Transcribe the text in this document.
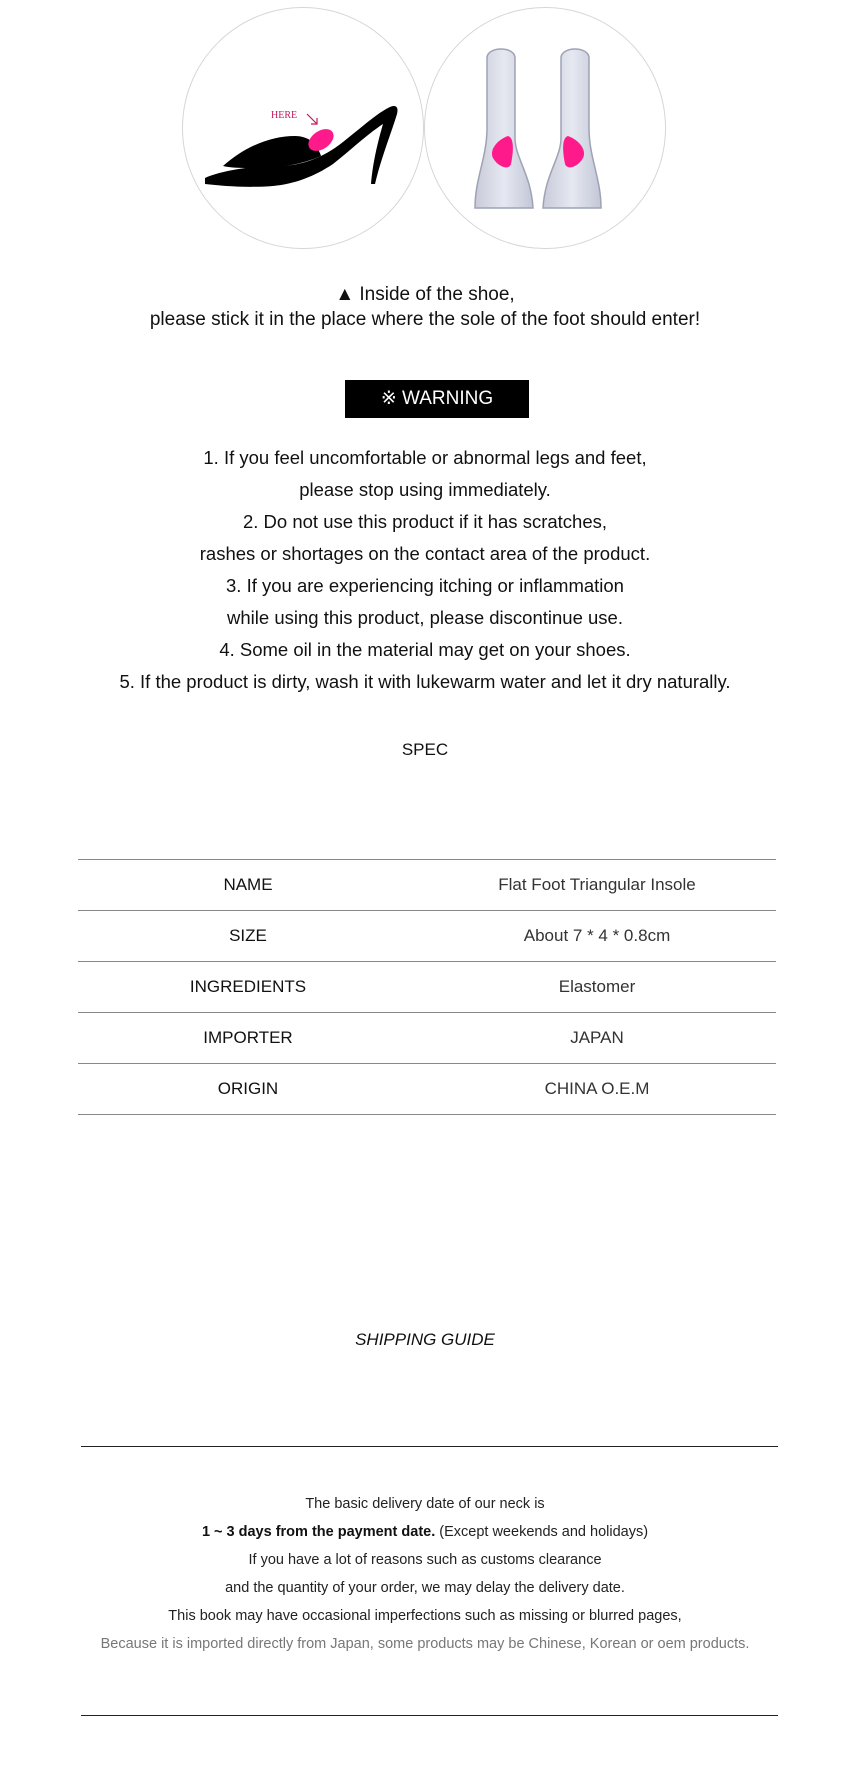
HERE
▲ Inside of the shoe,
please stick it in the place where the sole of the foot should enter!
※ WARNING
1. If you feel uncomfortable or abnormal legs and feet,
please stop using immediately.
2. Do not use this product if it has scratches,
rashes or shortages on the contact area of the product.
3. If you are experiencing itching or inflammation
while using this product, please discontinue use.
4. Some oil in the material may get on your shoes.
5. If the product is dirty, wash it with lukewarm water and let it dry naturally.
SPEC
NAME	Flat Foot Triangular Insole
SIZE	About 7 * 4 * 0.8cm
INGREDIENTS	Elastomer
IMPORTER	JAPAN
ORIGIN	CHINA O.E.M
SHIPPING GUIDE
The basic delivery date of our neck is
1 ~ 3 days from the payment date. (Except weekends and holidays)
If you have a lot of reasons such as customs clearance
and the quantity of your order, we may delay the delivery date.
This book may have occasional imperfections such as missing or blurred pages,
Because it is imported directly from Japan, some products may be Chinese, Korean or oem products.
